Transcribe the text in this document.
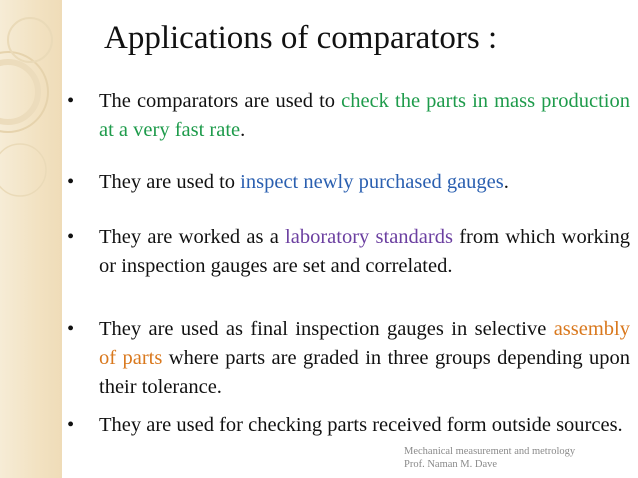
Applications of comparators :
•	The comparators are used to check the parts in mass production at a very fast rate.
•	They are used to inspect newly purchased gauges.
•	They are worked as a laboratory standards from which working or inspection gauges are set and correlated.
•	They are used as final inspection gauges in selective assembly of parts where parts are graded in three groups depending upon their tolerance.
•	They are used for checking parts received form outside sources.
Mechanical measurement and metrology
Prof. Naman M. Dave
